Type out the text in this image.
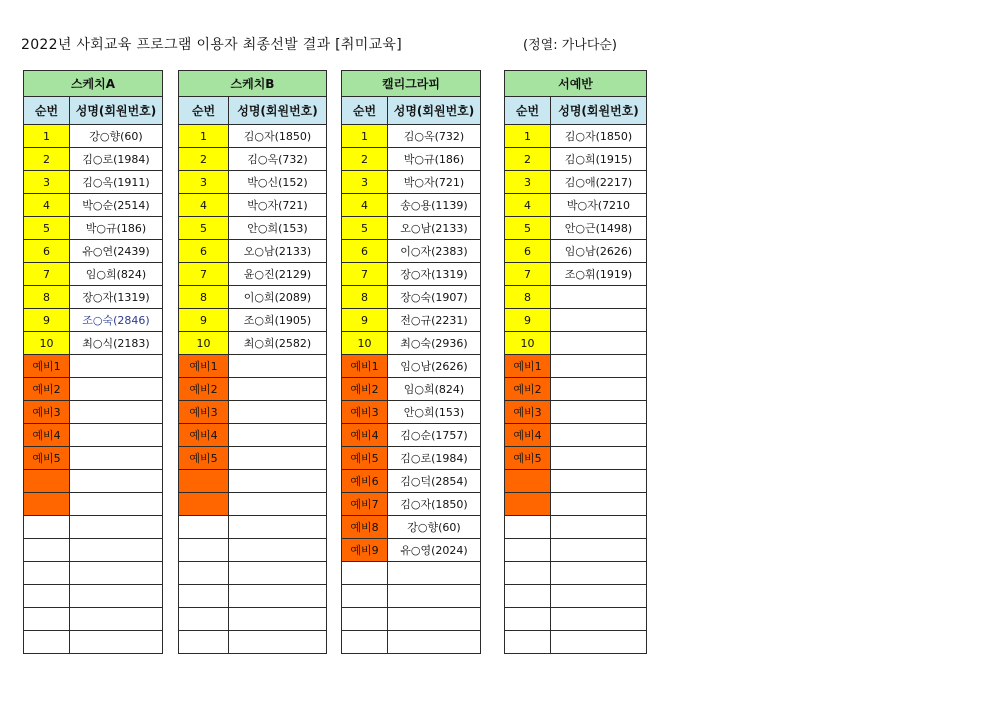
2022년 사회교육 프로그램 이용자 최종선발 결과 [취미교육]	(정열: 가나다순)
스케치A	
순번	성명(회원번호)
1	강○향(60)
2	김○로(1984)
3	김○옥(1911)
4	박○순(2514)
5	박○규(186)
6	유○연(2439)
7	임○희(824)
8	장○자(1319)
9	조○숙(2846)
10	최○식(2183)
예비1	
예비2	
예비3	
예비4	
예비5	

스케치B	
순번	성명(회원번호)
1	김○자(1850)
2	김○옥(732)
3	박○신(152)
4	박○자(721)
5	안○희(153)
6	오○남(2133)
7	윤○진(2129)
8	이○희(2089)
9	조○희(1905)
10	최○희(2582)
예비1	
예비2	
예비3	
예비4	
예비5	

캘리그라피	
순번	성명(회원번호)
1	김○옥(732)
2	박○규(186)
3	박○자(721)
4	송○용(1139)
5	오○남(2133)
6	이○자(2383)
7	장○자(1319)
8	장○숙(1907)
9	전○규(2231)
10	최○숙(2936)
예비1	임○남(2626)
예비2	임○희(824)
예비3	안○희(153)
예비4	김○순(1757)
예비5	김○로(1984)
예비6	김○덕(2854)
예비7	김○자(1850)
예비8	강○향(60)
예비9	유○영(2024)

서예반	
순번	성명(회원번호)
1	김○자(1850)
2	김○희(1915)
3	김○애(2217)
4	박○자(7210
5	안○근(1498)
6	임○남(2626)
7	조○휘(1919)
8	
9	
10	
예비1	
예비2	
예비3	
예비4	
예비5	
